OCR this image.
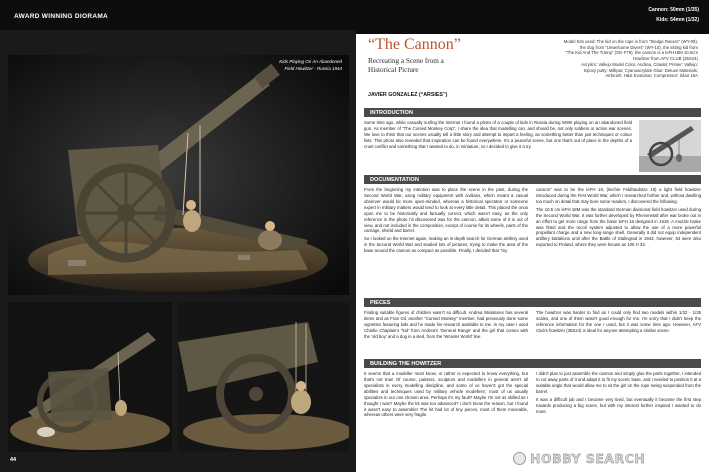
AWARD WINNING DIORAMA
Kids Playing On An Abandoned
Field Howitzer - Russia 1944
44
Cannon: 50mm (1/35)
Kids: 54mm (1/32)
“The Cannon”
Recreating a Scene from a Historical Picture
JAVIER GONZALEZ (“ARSIES”)
Model Kits used: The kid on the rope is from “Sledge Racers” (WY-09),
the dog from “Unwelcome Divers” (WY-10), the sitting kid from
“The Kid And The Tramp” (SG-F79), the cannon is a leFH18M 10.5cm
Howitzer from AFV CLUB (35S24)
Acrylics: Vallejo Model Color, Andrea, Citadel; Primer: Vallejo;
Epoxy putty: Milliput; Cyanoacrylate Glue: Deluxe Materials;
Airbrush: H&S Evolution; Compressor: Silair 15A
INTRODUCTION
Some time ago, while casually surfing the Internet I found a photo of a couple of kids in Russia during WWII playing on an abandoned field gun. As member of “The Cursed Monkey Corp”, I share the idea that modelling can, and should be, not only soldiers or action war scenes. We love to think that our scenes usually tell a little story and attempt to impart a feeling, as something better than just techniques or colour lists. This photo also revealed that inspiration can be found everywhere. It's a peaceful scene, but one that's out of place in the depths of a cruel conflict and something that I wanted to do, in miniature, so I decided to give it a try.
DOCUMENTATION

From the beginning my intention was to place the scene in the past, during the Second World War, using military equipment with civilians, which meant a casual observer would be more open-minded, whereas a historical spectator or someone expert in military matters would tend to look at every little detail. This placed the onus upon me to be historically and factually correct, which wasn't easy, as the only reference in the photo I'd discovered was for the cannon, albeit some of it is out of view, and not included in the composition, except of course for its wheels, parts of the carriage, shield and barrel.

So I looked on the Internet again, making an in-depth search for German artillery used in the Second World War and studied lots of pictures, trying to make the area of the base around the cannon as compact as possible. Finally, I decided that “my

cannon” was to be the leFH 18, (leichte Feldhaubitze 18) a light field howitzer introduced during the First World War, which I researched further and, without dwelling too much on detail that may bore some readers, I discovered the following.

The 10.5 cm leFH 18M was the standard German divisional field howitzer used during the Second World War. It was further developed by Rheinmetall after war broke out in an effort to get more range from the basic leFH 18 designed in 1918. A muzzle brake was fitted and the recoil system adjusted to allow the use of a more powerful propellant charge and a new long-range shell. Generally it did not equip independent artillery battalions until after the Battle of Stalingrad in 1943, however, 53 were also exported to Finland, where they were known as 105 H 33.

PIECES
Finding suitable figures of children wasn't so difficult. Andrea Miniatures has several items and as Fran Gil, another “Cursed Monkey” member, had previously done some vignettes featuring kids and he made his research available to me. In my case I used Charlie Chaplain's “kid” from Andrea's 'General Range' and the girl that comes with the 'old boy' and a dog in a sled, from the 'Wonder World' line.
The howitzer was harder to find as I could only find two models within 1/32 - 1/35 scales, and one of them wasn't good enough for me. I'm sorry that I didn't keep the reference information for the one I used, but it was some time ago. However, AFV Club's howitzer (35S24) is ideal for anyone attempting a similar scene.
BUILDING THE HOWITZER
It seems that a modeller must know, or rather is expected to know everything, but that's not true! Of course, painters, sculptors and modellers in general aren't all specialists in every modelling discipline, and some of us haven't got the special abilities and techniques used by military vehicle modellers', most of us usually specialize in our one chosen area. Perhaps it's my fault? Maybe I'm not as skilled as I thought I was? Maybe the kit was too advanced? I don't know the reason, but I found it wasn't easy to assemble! The kit had lot of tiny pieces, most of them moveable, whereas others were very fragile.

I didn't plan to just assemble the cannon and simply glue the parts together, I intended to cut away parts of it and adapt it to fit my scenic base, and I needed to position it at a suitable angle that would allow me to sit the girl on the rope swing suspended from the barrel.

It was a difficult job and I became very tired, but eventually it became the first step towards producing a big scene, but with my interest further inspired I wanted to do more.

HOBBY SEARCH
